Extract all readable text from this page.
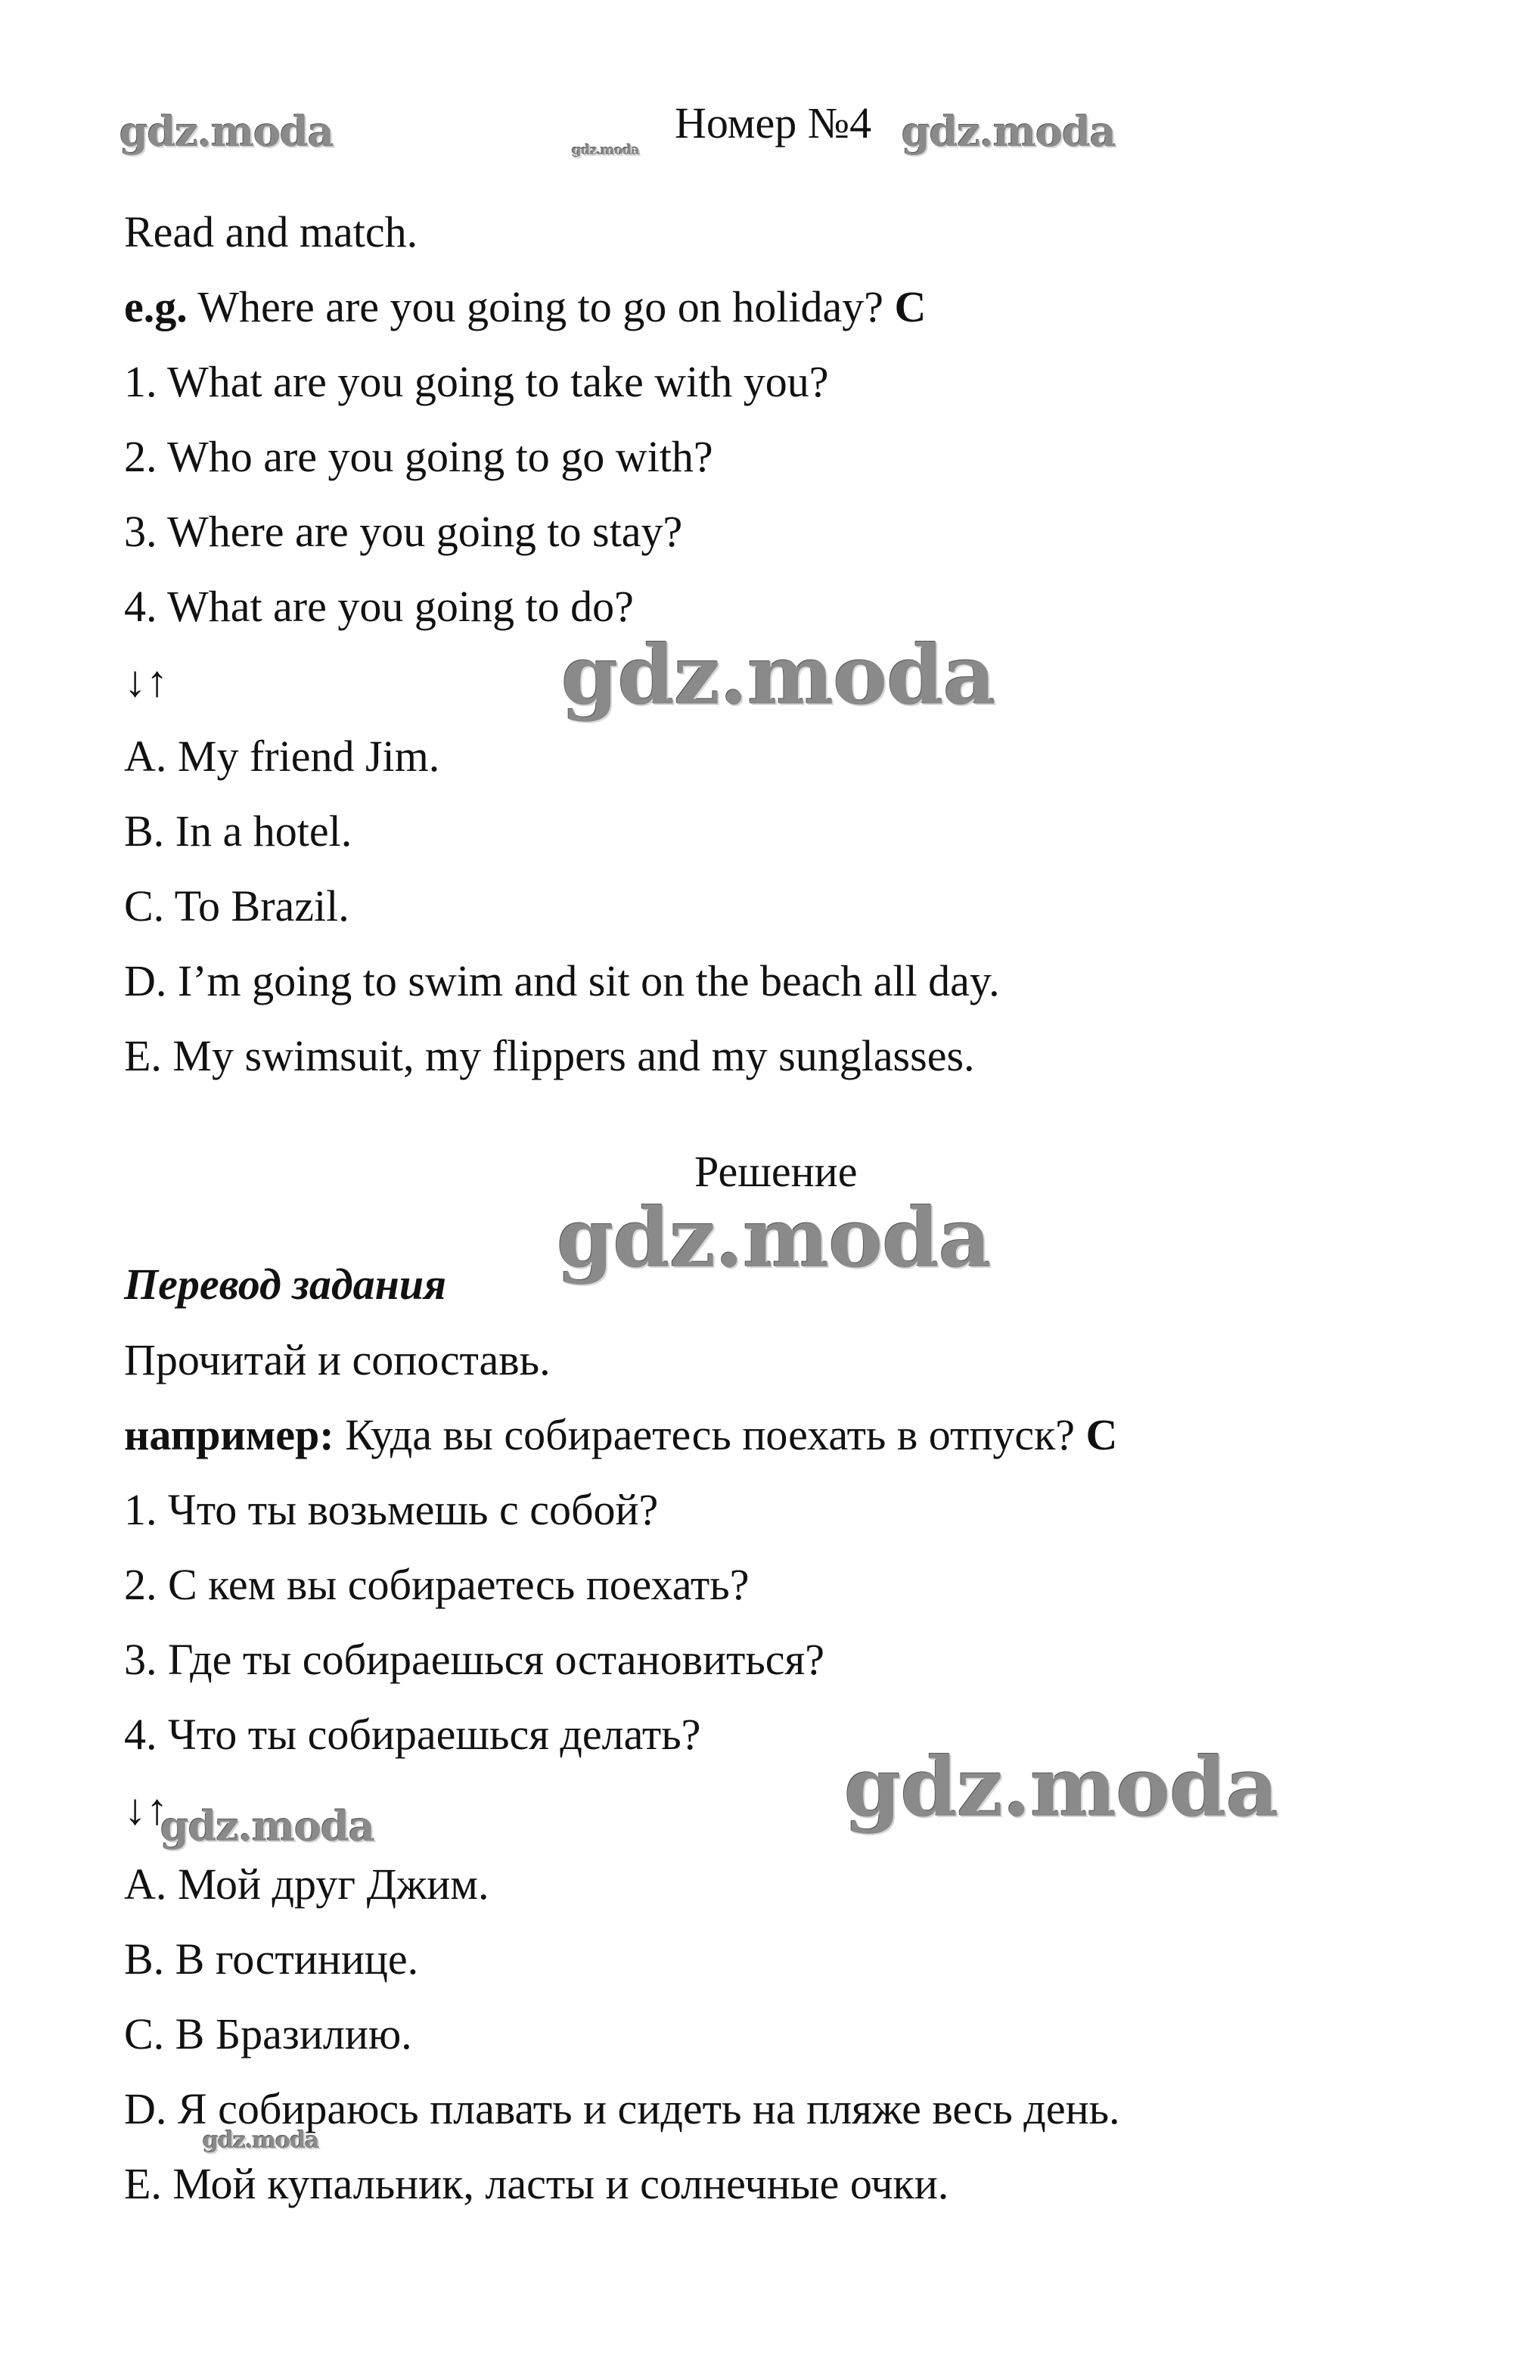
gdz.moda	gdz.moda
Номер №4 gdz.moda
Read and match.
e.g. Where are you going to go on holiday? C
1. What are you going to take with you?
2. Who are you going to go with?
3. Where are you going to stay?
4. What are you going to do?
↓↑	gdz.moda
A. My friend Jim.
B. In a hotel.
C. To Brazil.
D. I’m going to swim and sit on the beach all day.
E. My swimsuit, my flippers and my sunglasses.
Решение
gdz.moda
Перевод задания
Прочитай и сопоставь.
например: Куда вы собираетесь поехать в отпуск? C
1. Что ты возьмешь с собой?
2. С кем вы собираетесь поехать?
3. Где ты собираешься остановиться?
4. Что ты собираешься делать?
gdz.moda
↓↑
gdz.moda
A. Мой друг Джим.
B. В гостинице.
C. В Бразилию.
D. Я собираюсь плавать и сидеть на пляже весь день.
gdz.moda
E. Мой купальник, ласты и солнечные очки.
